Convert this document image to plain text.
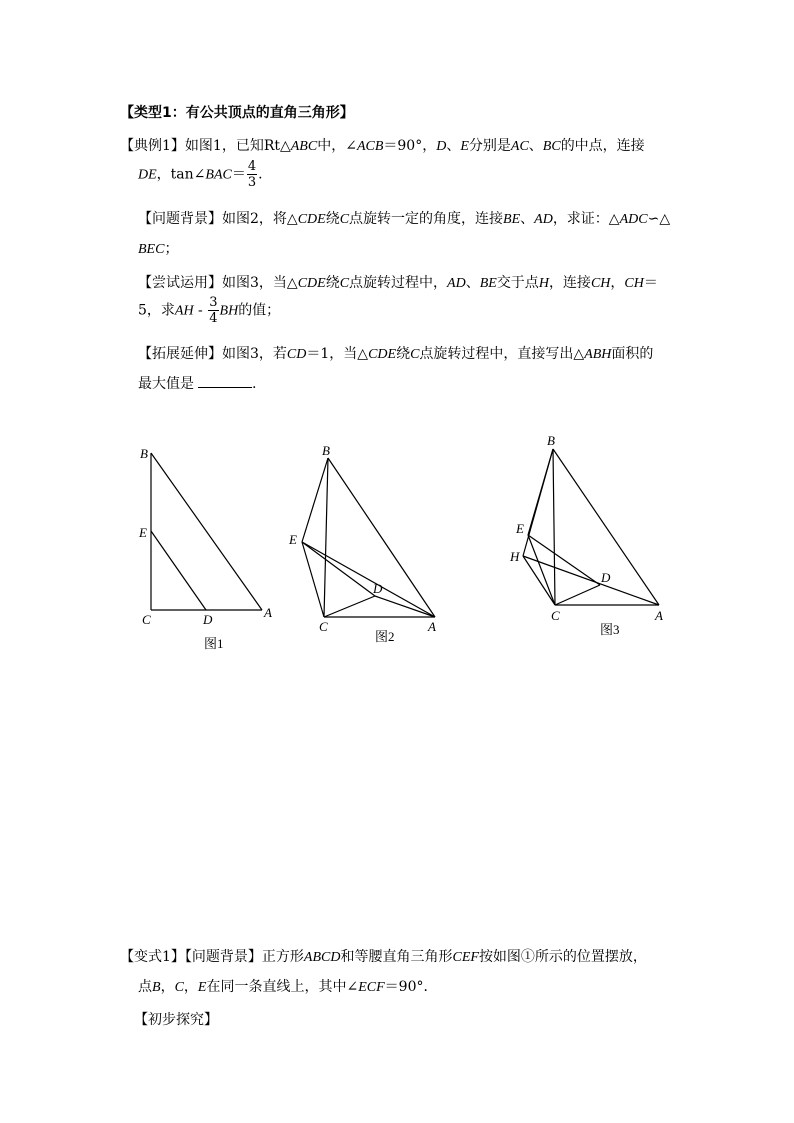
【类型1：有公共顶点的直角三角形】
【典例1】如图1，已知Rt△ABC中，∠ACB＝90°，D、E分别是AC、BC的中点，连接
DE，tan∠BAC＝ $\frac{4}{3}$ .
【问题背景】如图2，将△CDE绕C点旋转一定的角度，连接BE、AD，求证：△ADC∽△
BEC；
【尝试运用】如图3，当△CDE绕C点旋转过程中，AD、BE交于点H，连接CH，CH＝
5，求AH - $\frac{3}{4}$ BH的值；
【拓展延伸】如图3，若CD＝1，当△CDE绕C点旋转过程中，直接写出△ABH面积的
最大值是	.
B
E
C	D	A
图1
B
E
C
D
A
图2
B
E
H
C
D
A
图3
【变式1】【问题背景】正方形ABCD和等腰直角三角形CEF按如图①所示的位置摆放，
点B，C，E在同一条直线上，其中∠ECF＝90°．
【初步探究】
